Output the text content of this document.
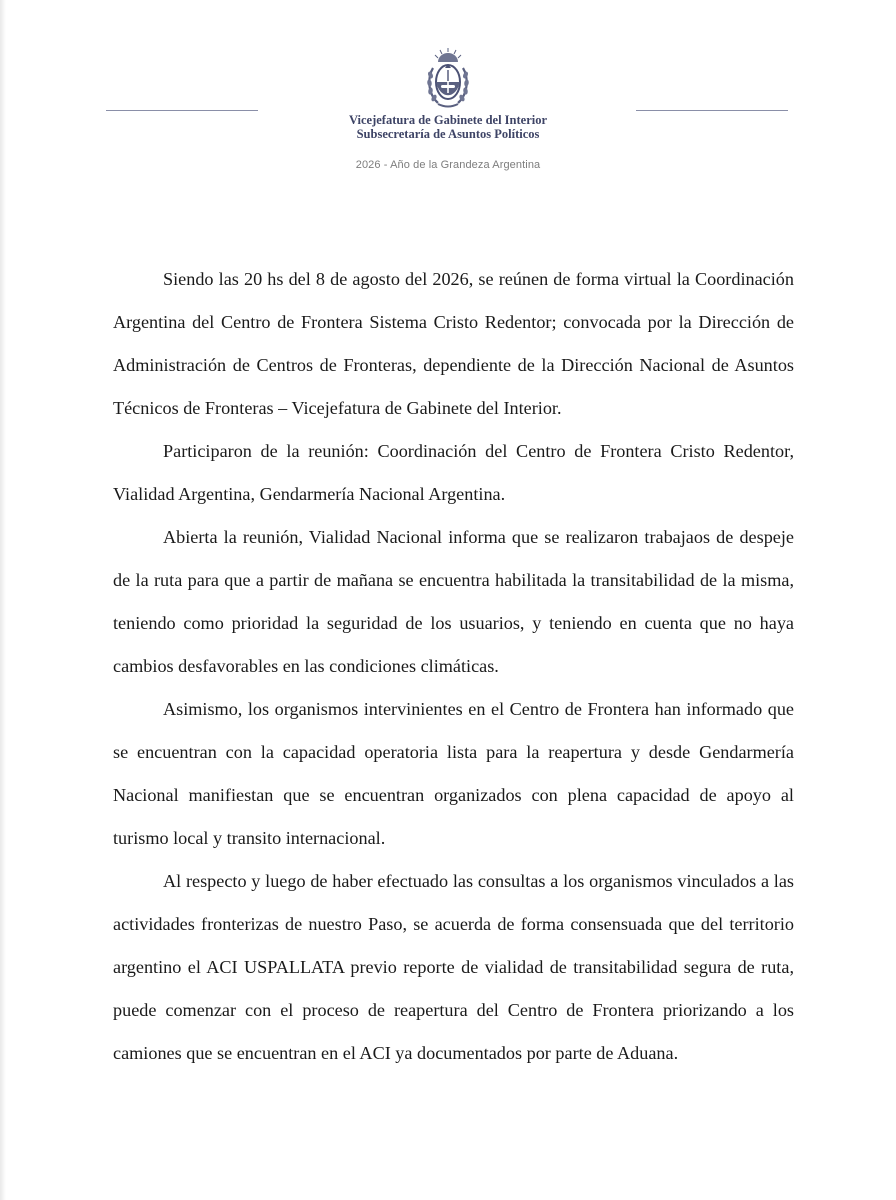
Vicejefatura de Gabinete del Interior
Subsecretaría de Asuntos Políticos
2026 - Año de la Grandeza Argentina

Siendo las 20 hs del 8 de agosto del 2026, se reúnen de forma virtual la Coordinación Argentina del Centro de Frontera Sistema Cristo Redentor; convocada por la Dirección de Administración de Centros de Fronteras, dependiente de la Dirección Nacional de Asuntos Técnicos de Fronteras – Vicejefatura de Gabinete del Interior.

Participaron de la reunión: Coordinación del Centro de Frontera Cristo Redentor, Vialidad Argentina, Gendarmería Nacional Argentina.

Abierta la reunión, Vialidad Nacional informa que se realizaron trabajaos de despeje de la ruta para que a partir de mañana se encuentra habilitada la transitabilidad de la misma, teniendo como prioridad la seguridad de los usuarios, y teniendo en cuenta que no haya cambios desfavorables en las condiciones climáticas.

Asimismo, los organismos intervinientes en el Centro de Frontera han informado que se encuentran con la capacidad operatoria lista para la reapertura y desde Gendarmería Nacional manifiestan que se encuentran organizados con plena capacidad de apoyo al turismo local y transito internacional.

Al respecto y luego de haber efectuado las consultas a los organismos vinculados a las actividades fronterizas de nuestro Paso, se acuerda de forma consensuada que del territorio argentino el ACI USPALLATA previo reporte de vialidad de transitabilidad segura de ruta, puede comenzar con el proceso de reapertura del Centro de Frontera priorizando a los camiones que se encuentran en el ACI ya documentados por parte de Aduana.
